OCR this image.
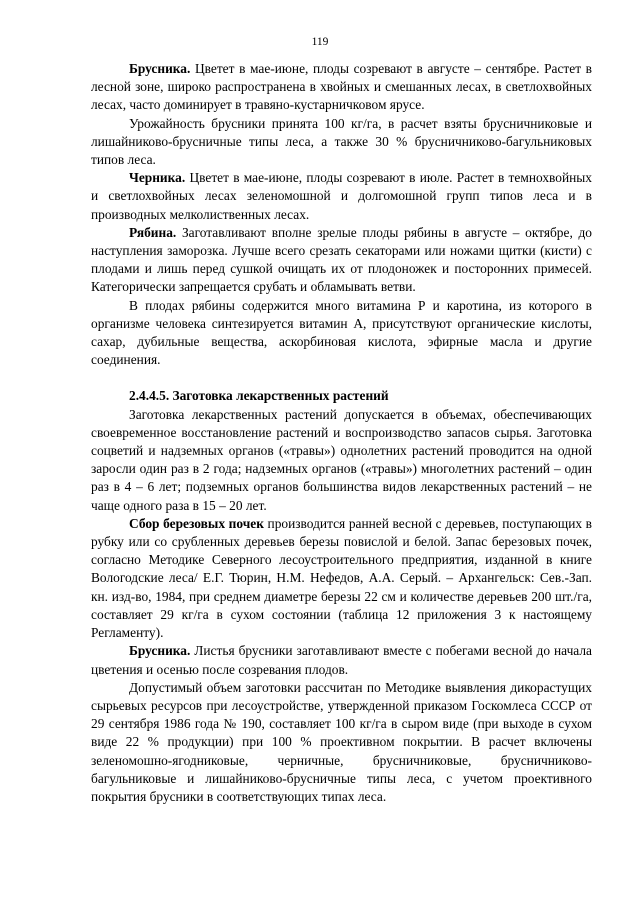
119

Брусника. Цветет в мае-июне, плоды созревают в августе – сентябре. Растет в лесной зоне, широко распространена в хвойных и смешанных лесах, в светлохвойных лесах, часто доминирует в травяно-кустарничковом ярусе.

Урожайность брусники принята 100 кг/га, в расчет взяты брусничниковые и лишайниково-брусничные типы леса, а также 30 % брусничниково-багульниковых типов леса.

Черника. Цветет в мае-июне, плоды созревают в июле. Растет в темнохвойных и светлохвойных лесах зеленомошной и долгомошной групп типов леса и в производных мелколиственных лесах.

Рябина. Заготавливают вполне зрелые плоды рябины в августе – октябре, до наступления заморозка. Лучше всего срезать секаторами или ножами щитки (кисти) с плодами и лишь перед сушкой очищать их от плодоножек и посторонних примесей. Категорически запрещается срубать и обламывать ветви.

В плодах рябины содержится много витамина Р и каротина, из которого в организме человека синтезируется витамин А, присутствуют органические кислоты, сахар, дубильные вещества, аскорбиновая кислота, эфирные масла и другие соединения.

2.4.4.5. Заготовка лекарственных растений

Заготовка лекарственных растений допускается в объемах, обеспечивающих своевременное восстановление растений и воспроизводство запасов сырья. Заготовка соцветий и надземных органов («травы») однолетних растений проводится на одной заросли один раз в 2 года; надземных органов («травы») многолетних растений – один раз в 4 – 6 лет; подземных органов большинства видов лекарственных растений – не чаще одного раза в 15 – 20 лет.

Сбор березовых почек производится ранней весной с деревьев, поступающих в рубку или со срубленных деревьев березы повислой и белой. Запас березовых почек, согласно Методике Северного лесоустроительного предприятия, изданной в книге Вологодские леса/ Е.Г. Тюрин, Н.М. Нефедов, А.А. Серый. – Архангельск: Сев.-Зап. кн. изд-во, 1984, при среднем диаметре березы 22 см и количестве деревьев 200 шт./га, составляет 29 кг/га в сухом состоянии (таблица 12 приложения 3 к настоящему Регламенту).

Брусника. Листья брусники заготавливают вместе с побегами весной до начала цветения и осенью после созревания плодов.

Допустимый объем заготовки рассчитан по Методике выявления дикорастущих сырьевых ресурсов при лесоустройстве, утвержденной приказом Госкомлеса СССР от 29 сентября 1986 года № 190, составляет 100 кг/га в сыром виде (при выходе в сухом виде 22 % продукции) при 100 % проективном покрытии. В расчет включены зеленомошно-ягодниковые, черничные, брусничниковые, брусничниково-багульниковые и лишайниково-брусничные типы леса, с учетом проективного покрытия брусники в соответствующих типах леса.
